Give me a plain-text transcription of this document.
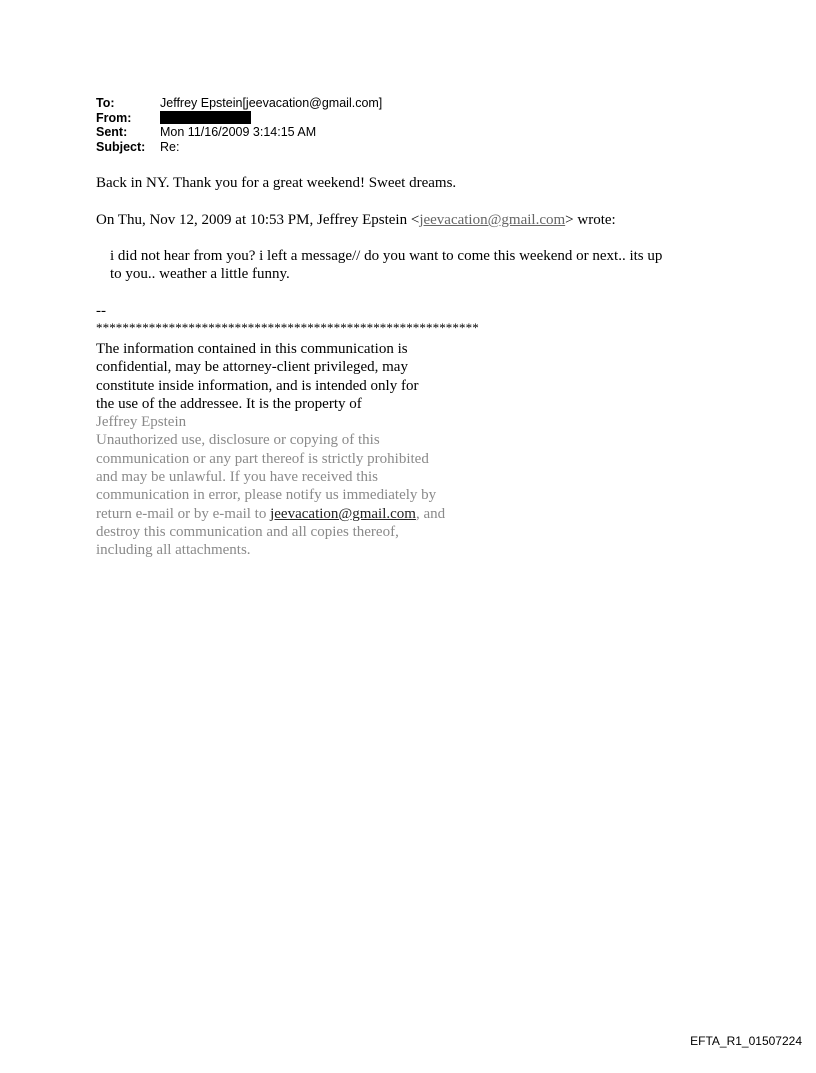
To:	Jeffrey Epstein[jeevacation@gmail.com]
From:
Sent:	Mon 11/16/2009 3:14:15 AM
Subject:	Re:
Back in NY. Thank you for a great weekend! Sweet dreams.
On Thu, Nov 12, 2009 at 10:53 PM, Jeffrey Epstein <jeevacation@gmail.com> wrote:
i did not hear from you? i left a message// do you want to come this weekend or next.. its up
to you.. weather a little funny.
--
**********************************************************
The information contained in this communication is
confidential, may be attorney-client privileged, may
constitute inside information, and is intended only for
the use of the addressee. It is the property of
Jeffrey Epstein
Unauthorized use, disclosure or copying of this
communication or any part thereof is strictly prohibited
and may be unlawful. If you have received this
communication in error, please notify us immediately by
return e-mail or by e-mail to jeevacation@gmail.com, and
destroy this communication and all copies thereof,
including all attachments.
EFTA_R1_01507224
